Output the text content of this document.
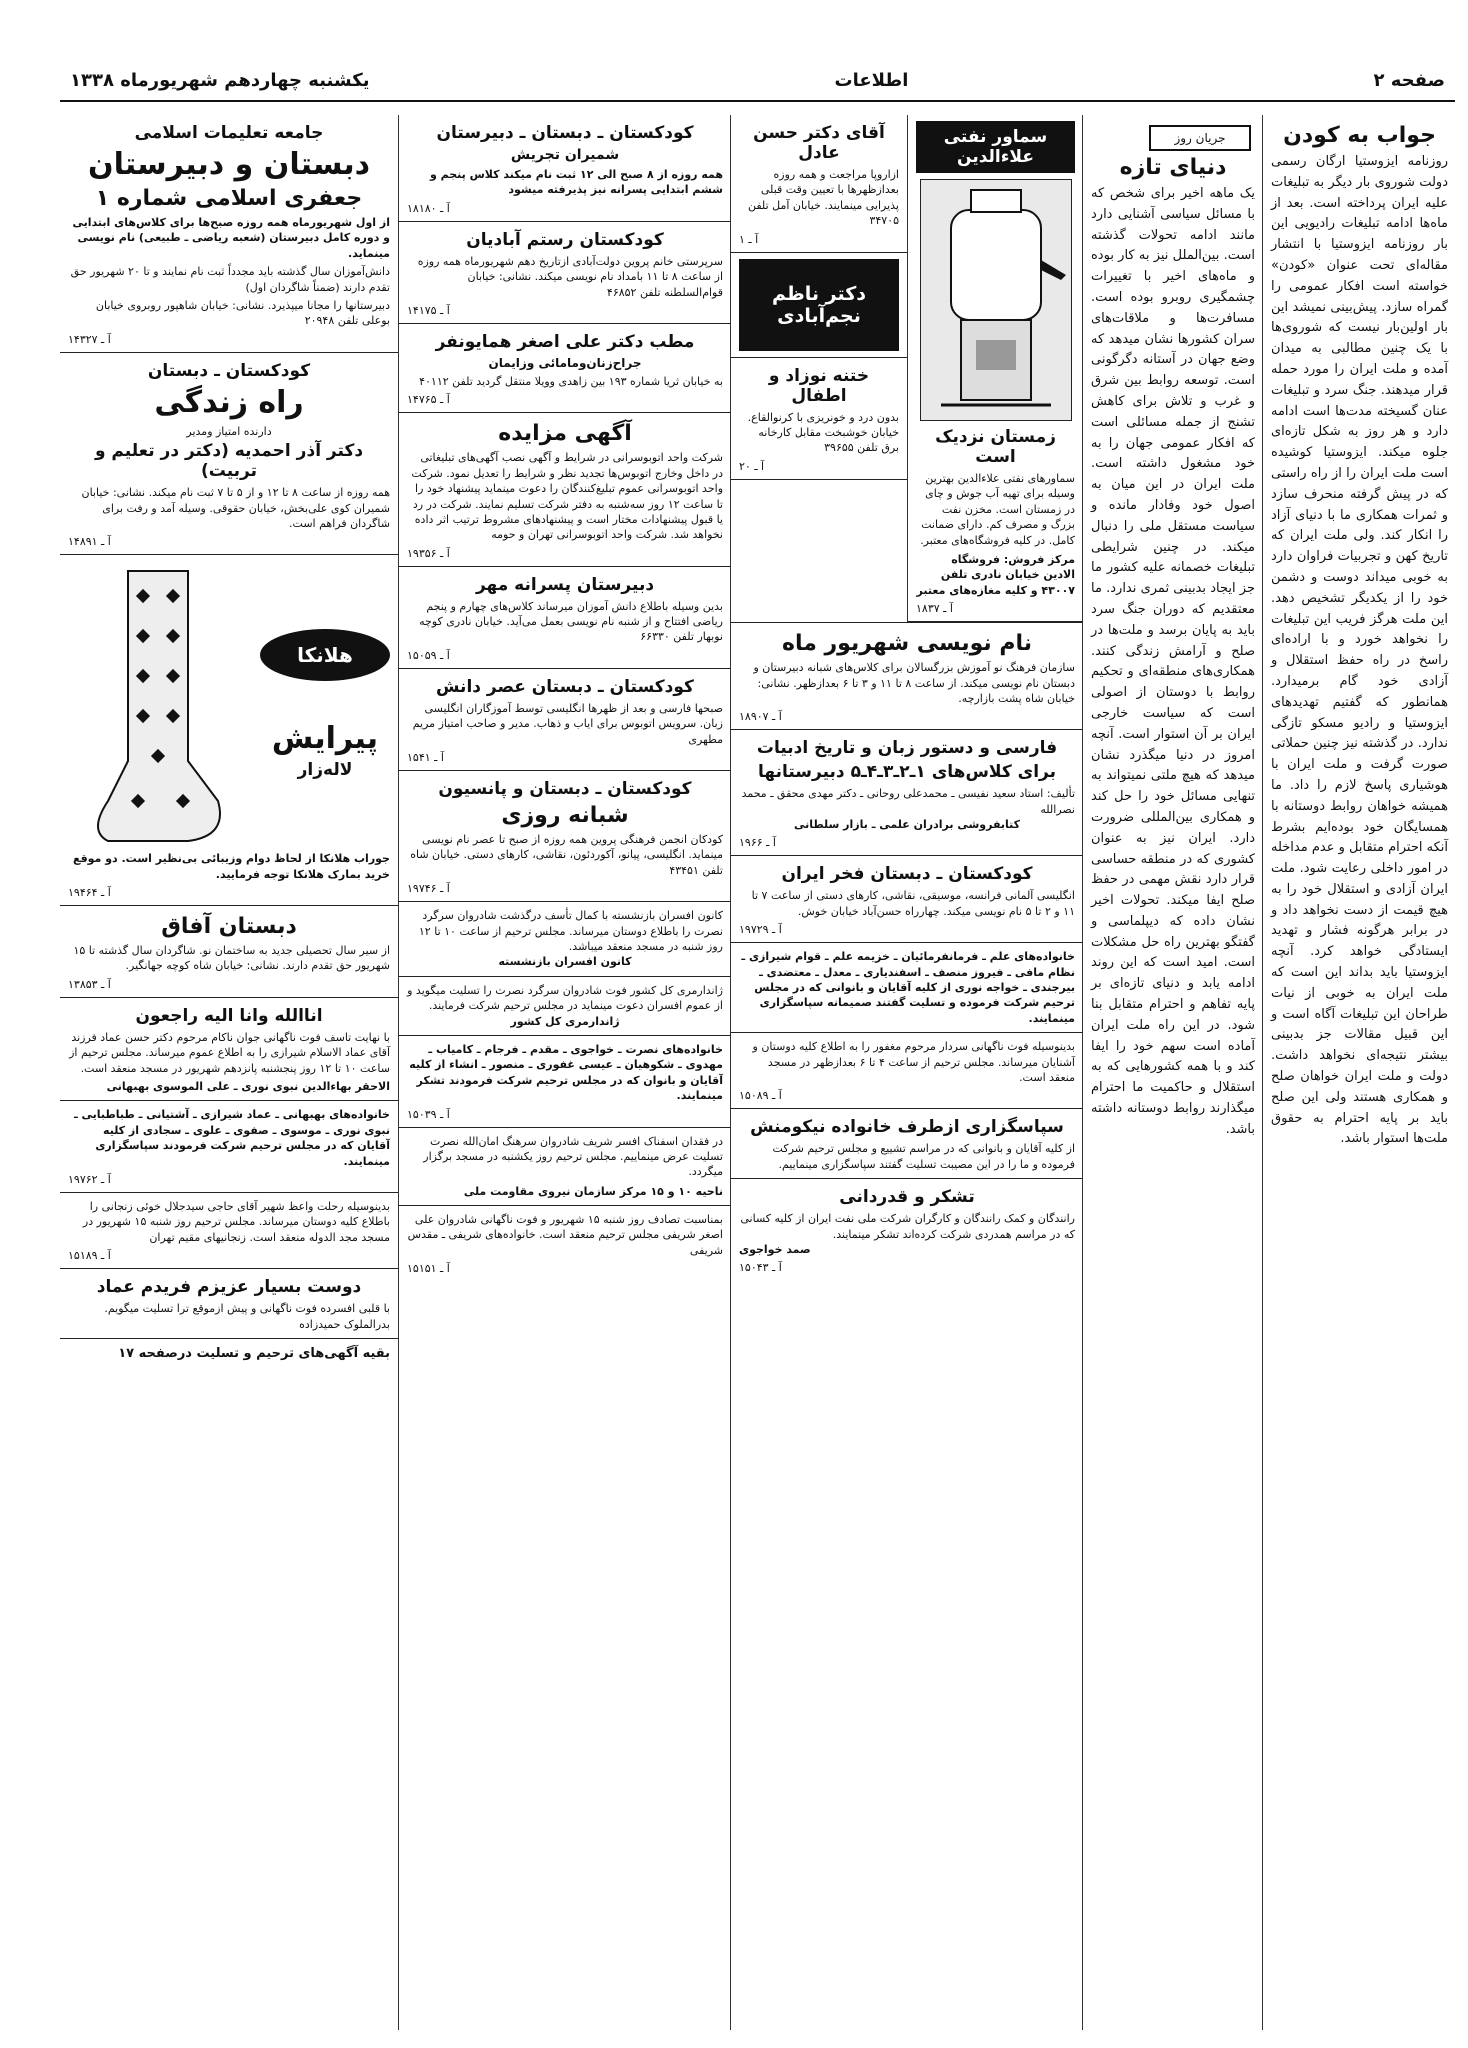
صفحه ۲
اطلاعات
یکشنبه چهاردهم شهریورماه ۱۳۳۸
جواب به کودن
روزنامه ایزوستیا ارگان رسمی دولت شوروی بار دیگر به تبلیغات علیه ایران پرداخته است. بعد از ماه‌ها ادامه تبلیغات رادیویی این بار روزنامه ایزوستیا با انتشار مقاله‌ای تحت عنوان «کودن» خواسته است افکار عمومی را گمراه سازد. پیش‌بینی نمیشد این بار اولین‌بار نیست که شوروی‌ها با یک چنین مطالبی به میدان آمده و ملت ایران را مورد حمله قرار میدهند. جنگ سرد و تبلیغات عنان گسیخته مدت‌ها است ادامه دارد و هر روز به شکل تازه‌ای جلوه میکند. ایزوستیا کوشیده است ملت ایران را از راه راستی که در پیش گرفته منحرف سازد و ثمرات همکاری ما با دنیای آزاد را انکار کند. ولی ملت ایران که تاریخ کهن و تجربیات فراوان دارد به خوبی میداند دوست و دشمن خود را از یکدیگر تشخیص دهد. این ملت هرگز فریب این تبلیغات را نخواهد خورد و با اراده‌ای راسخ در راه حفظ استقلال و آزادی خود گام برمیدارد. همانطور که گفتیم تهدید‌های ایزوستیا و رادیو مسکو تازگی ندارد. در گذشته نیز چنین حملاتی صورت گرفت و ملت ایران با هوشیاری پاسخ لازم را داد. ما همیشه خواهان روابط دوستانه با همسایگان خود بوده‌ایم بشرط آنکه احترام متقابل و عدم مداخله در امور داخلی رعایت شود. ملت ایران آزادی و استقلال خود را به هیچ قیمت از دست نخواهد داد و در برابر هرگونه فشار و تهدید ایستادگی خواهد کرد. آنچه ایزوستیا باید بداند این است که ملت ایران به خوبی از نیات طراحان این تبلیغات آگاه است و این قبیل مقالات جز بدبینی بیشتر نتیجه‌ای نخواهد داشت. دولت و ملت ایران خواهان صلح و همکاری هستند ولی این صلح باید بر پایه احترام به حقوق ملت‌ها استوار باشد.
جریان روز
دنیای تازه
یک ماهه اخیر برای شخص که با مسائل سیاسی آشنایی دارد مانند ادامه تحولات گذشته است. بین‌الملل نیز به کار بوده و ماه‌های اخیر با تغییرات چشمگیری روبرو بوده است. مسافرت‌ها و ملاقات‌های سران کشورها نشان میدهد که وضع جهان در آستانه دگرگونی است. توسعه روابط بین شرق و غرب و تلاش برای کاهش تشنج از جمله مسائلی است که افکار عمومی جهان را به خود مشغول داشته است. ملت ایران در این میان به اصول خود وفادار مانده و سیاست مستقل ملی را دنبال میکند. در چنین شرایطی تبلیغات خصمانه علیه کشور ما جز ایجاد بدبینی ثمری ندارد. ما معتقدیم که دوران جنگ سرد باید به پایان برسد و ملت‌ها در صلح و آرامش زندگی کنند. همکاری‌های منطقه‌ای و تحکیم روابط با دوستان از اصولی است که سیاست خارجی ایران بر آن استوار است. آنچه امروز در دنیا میگذرد نشان میدهد که هیچ ملتی نمیتواند به تنهایی مسائل خود را حل کند و همکاری بین‌المللی ضرورت دارد. ایران نیز به عنوان کشوری که در منطقه حساسی قرار دارد نقش مهمی در حفظ صلح ایفا میکند. تحولات اخیر نشان داده که دیپلماسی و گفتگو بهترین راه حل مشکلات است. امید است که این روند ادامه یابد و دنیای تازه‌ای بر پایه تفاهم و احترام متقابل بنا شود. در این راه ملت ایران آماده است سهم خود را ایفا کند و با همه کشورهایی که به استقلال و حاکمیت ما احترام میگذارند روابط دوستانه داشته باشد.
سماور نفتی علاءالدین
زمستان نزدیک است
سماورهای نفتی علاءالدین بهترین وسیله برای تهیه آب جوش و چای در زمستان است. مخزن نفت بزرگ و مصرف کم. دارای ضمانت کامل. در کلیه فروشگاه‌های معتبر.
مرکز فروش: فروشگاه الادین خیابان نادری تلفن ۴۳۰۰۷ و کلیه مغازه‌های معتبر
آ ـ ۱۸۳۷
آقای دکتر حسن عادل
ازاروپا مراجعت و همه روزه بعدازظهرها با تعیین وقت قبلی پذیرایی مینمایند. خیابان آمل تلفن ۳۴۷۰۵
آ ـ ۱
دکتر ناظم نجم‌آبادی
ختنه نوزاد و اطفال
بدون درد و خونریزی با کرنوالقاع. خیابان خوشبخت مقابل کارخانه برق تلفن ۳۹۶۵۵
آ ـ ۲۰
نام نویسی شهریور ماه
سازمان فرهنگ نو آموزش بزرگسالان برای کلاس‌های شبانه دبیرستان و دبستان نام نویسی میکند. از ساعت ۸ تا ۱۱ و ۳ تا ۶ بعدازظهر. نشانی: خیابان شاه پشت بازارچه.
آ ـ ۱۸۹۰۷
فارسی و دستور زبان و تاریخ ادبیات
برای کلاس‌های ۱ـ۲ـ۳ـ۴ـ۵ دبیرستانها
تألیف: استاد سعید نفیسی ـ محمدعلی روحانی ـ دکتر مهدی محقق ـ محمد نصرالله
کتابفروشی برادران علمی ـ بازار سلطانی
آ ـ ۱۹۶۶
کودکستان ـ دبستان فخر ایران
انگلیسی آلمانی فرانسه، موسیقی، نقاشی، کارهای دستی از ساعت ۷ تا ۱۱ و ۲ تا ۵ نام نویسی میکند. چهارراه حسن‌آباد خیابان خوش.
آ ـ ۱۹۷۲۹
خانواده‌های علم ـ فرمانفرمائیان ـ خزیمه علم ـ قوام شیرازی ـ نظام مافی ـ فیروز منصف ـ اسفندیاری ـ معدل ـ معتضدی ـ بیرجندی ـ خواجه نوری از کلیه آقایان و بانوانی که در مجلس ترحیم شرکت فرموده و تسلیت گفتند صمیمانه سپاسگزاری مینمایند.
بدینوسیله فوت ناگهانی سردار مرحوم مغفور را به اطلاع کلیه دوستان و آشنایان میرساند. مجلس ترحیم از ساعت ۴ تا ۶ بعدازظهر در مسجد منعقد است.
آ ـ ۱۵۰۸۹
سپاسگزاری ازطرف خانواده نیکومنش
از کلیه آقایان و بانوانی که در مراسم تشییع و مجلس ترحیم شرکت فرموده و ما را در این مصیبت تسلیت گفتند سپاسگزاری مینماییم.
تشکر و قدردانی
رانندگان و کمک رانندگان و کارگران شرکت ملی نفت ایران از کلیه کسانی که در مراسم همدردی شرکت کرده‌اند تشکر مینمایند.
صمد خواجوی
آ ـ ۱۵۰۴۳
کودکستان ـ دبستان ـ دبیرستان
شمیران تجریش
همه روزه از ۸ صبح الی ۱۲ ثبت نام میکند کلاس پنجم و ششم ابتدایی پسرانه نیز پذیرفته میشود
آ ـ ۱۸۱۸۰
کودکستان رستم آبادیان
سرپرستی خانم پروین دولت‌آبادی ازتاریخ دهم شهریورماه همه روزه از ساعت ۸ تا ۱۱ بامداد نام نویسی میکند. نشانی: خیابان قوام‌السلطنه تلفن ۴۶۸۵۲
آ ـ ۱۴۱۷۵
مطب دکتر علی اصغر همایونفر
جراح‌زنان‌ومامائی‌ وزایمان
به خیابان ثریا شماره ۱۹۳ بین زاهدی وویلا منتقل گردید تلفن ۴۰۱۱۲
آ ـ ۱۴۷۶۵
آگهی مزایده
شرکت واحد اتوبوسرانی در شرایط و آگهی نصب آگهی‌های تبلیغاتی در داخل وخارج اتوبوس‌ها تجدید نظر و شرایط را تعدیل نمود. شرکت واحد اتوبوسرانی عموم تبلیغ‌کنندگان را دعوت مینماید پیشنهاد خود را تا ساعت ۱۲ روز سه‌شنبه به دفتر شرکت تسلیم نمایند. شرکت در رد یا قبول پیشنهادات مختار است و پیشنهادهای مشروط ترتیب اثر داده نخواهد شد. شرکت واحد اتوبوسرانی تهران و حومه
آ ـ ۱۹۳۵۶
دبیرستان پسرانه مهر
بدین وسیله باطلاع دانش آموزان میرساند کلاس‌های چهارم و پنجم ریاضی افتتاح و از شنبه نام نویسی بعمل می‌آید. خیابان نادری کوچه نوبهار تلفن ۶۶۳۳۰
آ ـ ۱۵۰۵۹
کودکستان ـ دبستان عصر دانش
صبحها فارسی و بعد از ظهرها انگلیسی توسط آموزگاران انگلیسی زبان. سرویس اتوبوس برای ایاب و ذهاب. مدیر و صاحب امتیاز مریم مطهری
آ ـ ۱۵۴۱
کودکستان ـ دبستان و پانسیون
شبانه روزی
کودکان انجمن فرهنگی پروین همه روزه از صبح تا عصر نام نویسی مینماید. انگلیسی، پیانو، آکوردئون، نقاشی، کارهای دستی. خیابان شاه تلفن ۴۳۴۵۱
آ ـ ۱۹۷۴۶
کانون افسران بازنشسته با کمال تأسف درگذشت شادروان سرگرد نصرت را باطلاع دوستان میرساند. مجلس ترحیم از ساعت ۱۰ تا ۱۲ روز شنبه در مسجد منعقد میباشد.
کانون افسران بازنشسته
ژاندارمری کل کشور فوت شادروان سرگرد نصرت را تسلیت میگوید و از عموم افسران دعوت مینماید در مجلس ترحیم شرکت فرمایند.
ژاندارمری کل کشور
خانواده‌های نصرت ـ خواجوی ـ مقدم ـ فرجام ـ کامیاب ـ مهدوی ـ شکوهیان ـ عیسی غفوری ـ منصور ـ انشاء از کلیه آقایان و بانوان که در مجلس ترحیم شرکت فرمودند تشکر مینمایند.
آ ـ ۱۵۰۳۹
در فقدان اسفناک افسر شریف شادروان سرهنگ امان‌الله نصرت تسلیت عرض مینماییم. مجلس ترحیم روز یکشنبه در مسجد برگزار میگردد.
ناحیه ۱۰ و ۱۵ مرکز سازمان نیروی مقاومت ملی
بمناسبت تصادف روز شنبه ۱۵ شهریور و فوت ناگهانی شادروان علی اصغر شریفی مجلس ترحیم منعقد است. خانواده‌های شریفی ـ مقدس شریفی
آ ـ ۱۵۱۵۱
جامعه تعلیمات اسلامی
دبستان و دبیرستان
جعفری اسلامی شماره ۱
از اول شهریورماه همه روزه صبح‌ها برای کلاس‌های ابتدایی و دوره کامل دبیرستان (شعبه ریاضی ـ طبیعی) نام نویسی مینماید.
دانش‌آموزان سال گذشته باید مجدداً ثبت نام نمایند و تا ۲۰ شهریور حق تقدم دارند (ضمناً شاگردان اول)
دبیرستانها را مجانا میپذیرد. نشانی: خیابان شاهپور روبروی خیابان بوعلی تلفن ۲۰۹۴۸
آ ـ ۱۴۳۲۷
کودکستان ـ دبستان
راه زندگی
دارنده امتیاز ومدیر
دکتر آذر احمدیه (دکتر در تعلیم و تربیت)
همه روزه از ساعت ۸ تا ۱۲ و از ۵ تا ۷ ثبت نام میکند. نشانی: خیابان شمیران کوی علی‌بخش، خیابان حقوقی. وسیله آمد و رفت برای شاگردان فراهم است.
آ ـ ۱۴۸۹۱
هلانکا
پیرایش
لاله‌زار
جوراب هلانکا از لحاظ دوام وزیبائی بی‌نظیر است. دو موقع خرید بمارک هلانکا توجه فرمایید.
آ ـ ۱۹۴۶۴
دبستان آفاق
از سیر سال تحصیلی جدید به ساختمان نو. شاگردان سال گذشته تا ۱۵ شهریور حق تقدم دارند. نشانی: خیابان شاه کوچه جهانگیر.
آ ـ ۱۳۸۵۳
اناالله وانا الیه راجعون
با نهایت تاسف فوت ناگهانی جوان ناکام مرحوم دکتر حسن عماد فرزند آقای عماد الاسلام شیرازی را به اطلاع عموم میرساند. مجلس ترحیم از ساعت ۱۰ تا ۱۲ روز پنجشنبه پانزدهم شهریور در مسجد منعقد است.
الاحقر بهاءالدین نبوی نوری ـ علی الموسوی بهبهانی
خانواده‌های بهبهانی ـ عماد شیرازی ـ آشتیانی ـ طباطبایی ـ نبوی نوری ـ موسوی ـ صفوی ـ علوی ـ سجادی از کلیه آقایان که در مجلس ترحیم شرکت فرمودند سپاسگزاری مینمایند.
آ ـ ۱۹۷۶۲
بدینوسیله رحلت واعظ شهیر آقای حاجی سیدجلال خوئی زنجانی را باطلاع کلیه دوستان میرساند. مجلس ترحیم روز شنبه ۱۵ شهریور در مسجد مجد الدوله منعقد است. زنجانیهای مقیم تهران
آ ـ ۱۵۱۸۹
دوست بسیار عزیزم فریدم عماد
با قلبی افسرده فوت ناگهانی و پیش ازموقع ترا تسلیت میگویم. بدرالملوک حمیدزاده
بقیه آگهی‌های ترحیم و تسلیت درصفحه ۱۷
